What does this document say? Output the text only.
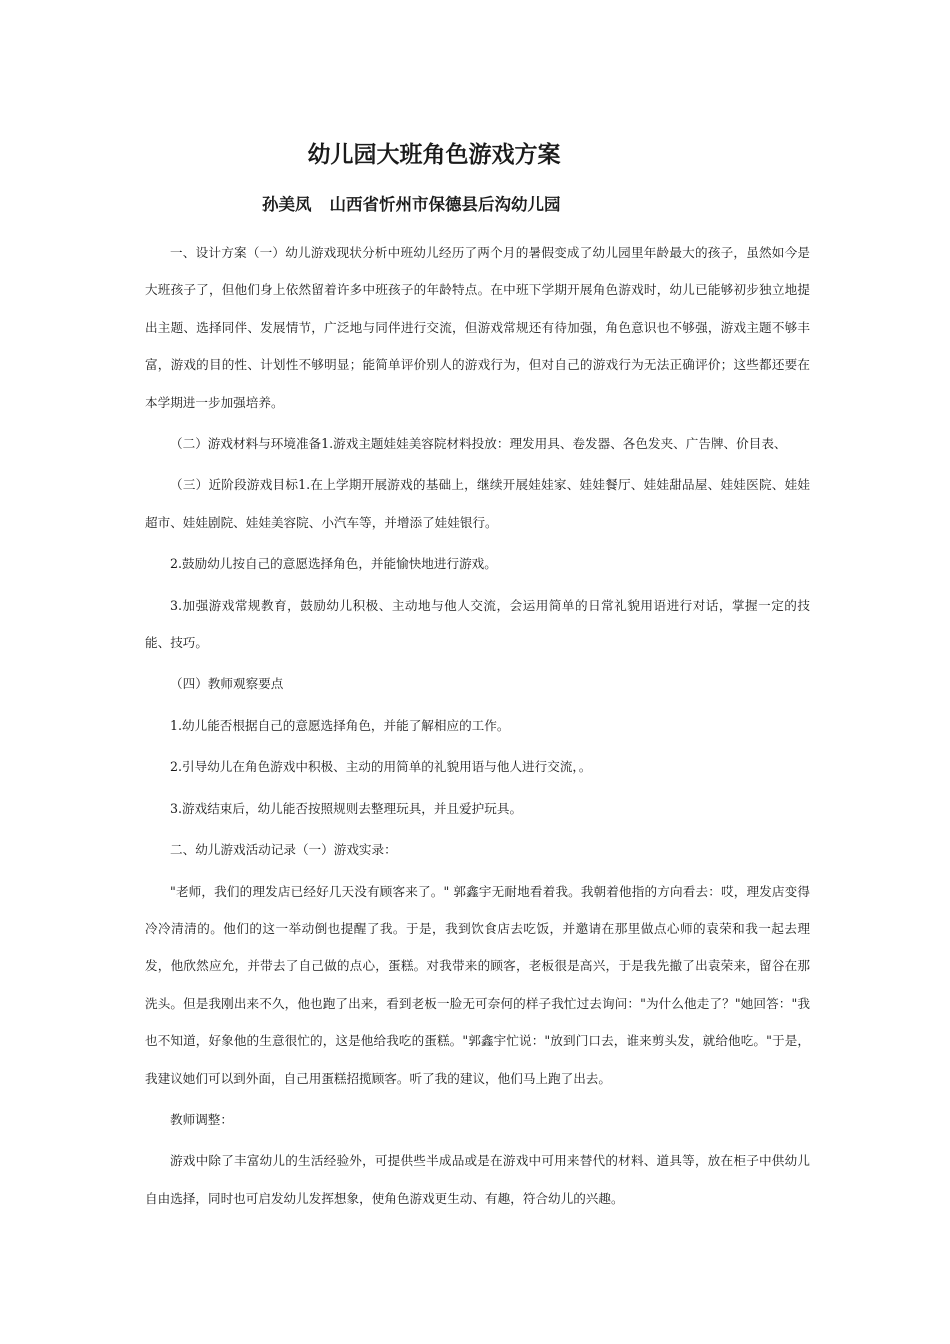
幼儿园大班角色游戏方案
孙美凤 山西省忻州市保德县后沟幼儿园

一、设计方案（一）幼儿游戏现状分析中班幼儿经历了两个月的暑假变成了幼儿园里年龄最大的孩子，虽然如今是大班孩子了，但他们身上依然留着许多中班孩子的年龄特点。在中班下学期开展角色游戏时，幼儿已能够初步独立地提出主题、选择同伴、发展情节，广泛地与同伴进行交流，但游戏常规还有待加强，角色意识也不够强，游戏主题不够丰富，游戏的目的性、计划性不够明显；能简单评价别人的游戏行为，但对自己的游戏行为无法正确评价；这些都还要在本学期进一步加强培养。

（二）游戏材料与环境准备1.游戏主题娃娃美容院材料投放：理发用具、卷发器、各色发夹、广告牌、价目表、

（三）近阶段游戏目标1.在上学期开展游戏的基础上，继续开展娃娃家、娃娃餐厅、娃娃甜品屋、娃娃医院、娃娃超市、娃娃剧院、娃娃美容院、小汽车等，并增添了娃娃银行。

2.鼓励幼儿按自己的意愿选择角色，并能愉快地进行游戏。

3.加强游戏常规教育，鼓励幼儿积极、主动地与他人交流，会运用简单的日常礼貌用语进行对话，掌握一定的技能、技巧。

（四）教师观察要点

1.幼儿能否根据自己的意愿选择角色，并能了解相应的工作。

2.引导幼儿在角色游戏中积极、主动的用简单的礼貌用语与他人进行交流，。

3.游戏结束后，幼儿能否按照规则去整理玩具，并且爱护玩具。

二、幼儿游戏活动记录（一）游戏实录：

"老师，我们的理发店已经好几天没有顾客来了。" 郭鑫宇无耐地看着我。我朝着他指的方向看去：哎，理发店变得冷冷清清的。他们的这一举动倒也提醒了我。于是，我到饮食店去吃饭，并邀请在那里做点心师的袁荣和我一起去理发，他欣然应允，并带去了自己做的点心，蛋糕。对我带来的顾客，老板很是高兴，于是我先撤了出袁荣来，留谷在那洗头。但是我刚出来不久，他也跑了出来，看到老板一脸无可奈何的样子我忙过去询问："为什么他走了？"她回答："我也不知道，好象他的生意很忙的，这是他给我吃的蛋糕。"郭鑫宇忙说："放到门口去，谁来剪头发，就给他吃。"于是，我建议她们可以到外面，自己用蛋糕招揽顾客。听了我的建议，他们马上跑了出去。

教师调整：

游戏中除了丰富幼儿的生活经验外，可提供些半成品或是在游戏中可用来替代的材料、道具等，放在柜子中供幼儿自由选择，同时也可启发幼儿发挥想象，使角色游戏更生动、有趣，符合幼儿的兴趣。
